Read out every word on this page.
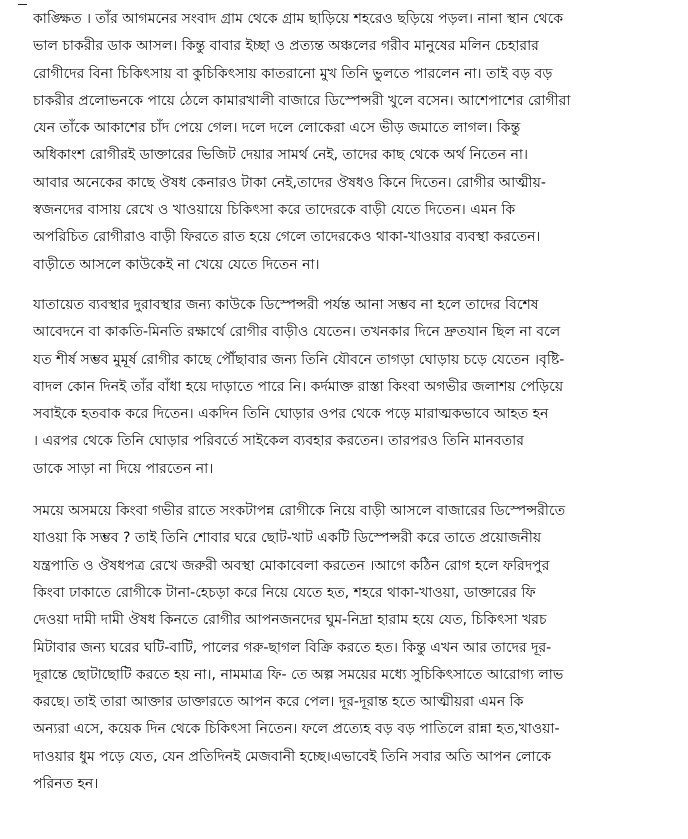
কাঙ্ক্ষিত । তাঁর আগমনের সংবাদ গ্রাম থেকে গ্রাম ছাড়িয়ে শহরেও ছড়িয়ে পড়ল। নানা স্থান থেকে
ভাল চাকরীর ডাক আসল। কিন্তু বাবার ইচ্ছা ও প্রত্যন্ত অঞ্চলের গরীব মানুষের মলিন চেহারার
রোগীদের বিনা চিকিৎসায় বা কুচিকিৎসায় কাতরানো মুখ তিনি ভুলতে পারলেন না। তাই বড় বড়
চাকরীর প্রলোভনকে পায়ে ঠেলে কামারখালী বাজারে ডিস্পেন্সরী খুলে বসেন। আশেপাশের রোগীরা
যেন তাঁকে আকাশের চাঁদ পেয়ে গেল। দলে দলে লোকেরা এসে ভীড় জমাতে লাগল। কিন্তু
অধিকাংশ রোগীরই ডাক্তারের ভিজিট দেয়ার সামর্থ নেই, তাদের কাছ থেকে অর্থ নিতেন না।
আবার অনেকের কাছে ঔষধ কেনারও টাকা নেই,তাদের ঔষধও কিনে দিতেন। রোগীর আত্মীয়-
স্বজনদের বাসায় রেখে ও খাওয়ায়ে চিকিৎসা করে তাদেরকে বাড়ী যেতে দিতেন। এমন কি
অপরিচিত রোগীরাও বাড়ী ফিরতে রাত হয়ে গেলে তাদেরকেও থাকা-খাওয়ার ব্যবস্থা করতেন।
বাড়ীতে আসলে কাউকেই না খেয়ে যেতে দিতেন না।

যাতায়েত ব্যবস্থার দুরাবস্থার জন্য কাউকে ডিস্পেন্সরী পর্যন্ত আনা সম্ভব না হলে তাদের বিশেষ
আবেদনে বা কাকতি-মিনতি রক্ষার্থে রোগীর বাড়ীও যেতেন। তখনকার দিনে দ্রুতযান ছিল না বলে
যত শীর্ষ সম্ভব মুমূর্ষ রোগীর কাছে পৌঁছাবার জন্য তিনি যৌবনে তাগড়া ঘোড়ায় চড়ে যেতেন ।বৃষ্টি-
বাদল কোন দিনই তাঁর বাঁধা হয়ে দাড়াতে পারে নি। কর্দমাক্ত রাস্তা কিংবা অগভীর জলাশয় পেড়িয়ে
সবাইকে হতবাক করে দিতেন। একদিন তিনি ঘোড়ার ওপর থেকে পড়ে মারাত্মকভাবে আহত হন
। এরপর থেকে তিনি ঘোড়ার পরিবর্তে সাইকেল ব্যবহার করতেন। তারপরও তিনি মানবতার
ডাকে সাড়া না দিয়ে পারতেন না।

সময়ে অসময়ে কিংবা গভীর রাতে সংকটাপন্ন রোগীকে নিয়ে বাড়ী আসলে বাজারের ডিস্পেন্সরীতে
যাওয়া কি সম্ভব ? তাই তিনি শোবার ঘরে ছোট-খাট একটি ডিস্পেন্সরী করে তাতে প্রয়োজনীয়
যন্ত্রপাতি ও ঔষধপত্র রেখে জরুরী অবস্থা মোকাবেলা করতেন ।আগে কঠিন রোগ হলে ফরিদপুর
কিংবা ঢাকাতে রোগীকে টানা-হেচড়া করে নিয়ে যেতে হত, শহরে থাকা-খাওয়া, ডাক্তারের ফি
দেওয়া দামী দামী ঔষধ কিনতে রোগীর আপনজনদের ঘুম-নিদ্রা হারাম হয়ে যেত, চিকিৎসা খরচ
মিটাবার জন্য ঘরের ঘটি-বাটি, পালের গরু-ছাগল বিক্রি করতে হত। কিন্তু এখন আর তাদের দূর-
দূরান্তে ছোটাছোটি করতে হয় না।, নামমাত্র ফি- তে অল্প সময়ের মধ্যে সুচিকিৎসাতে আরোগ্য লাভ
করছে। তাই তারা আক্তার ডাক্তারতে আপন করে পেল। দূর-দূরান্ত হতে আত্মীয়রা এমন কি
অন্যরা এসে, কয়েক দিন থেকে চিকিৎসা নিতেন। ফলে প্রত্যেহ বড় বড় পাতিলে রান্না হত,খাওয়া-
দাওয়ার ধুম পড়ে যেত, যেন প্রতিদিনই মেজবানী হচ্ছে।এভাবেই তিনি সবার অতি আপন লোকে
পরিনত হন।
